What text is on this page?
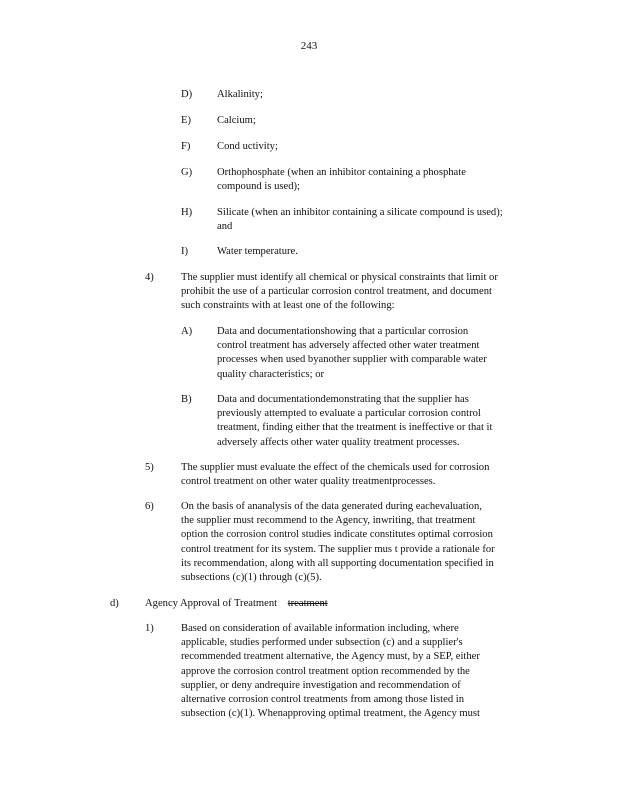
243
D) Alkalinity;
E) Calcium;
F)	Cond uctivity;
G) Orthophosphate (when an inhibitor containing a phosphate
compound is used);
H) Silicate (when an inhibitor containing a silicate compound is used);
and
I)	Water temperature.
4)	The supplier must identify all chemical or physical constraints that limit or
prohibit the use of a particular corrosion control treatment, and document
such constraints with at least one of the following:
A) Data and documentationshowing that a particular corrosion
control treatment has adversely affected other water treatment
processes when used byanother supplier with comparable water
quality characteristics; or
B) Data and documentationdemonstrating that the supplier has
previously attempted to evaluate a particular corrosion control
treatment, finding either that the treatment is ineffective or that it
adversely affects other water quality treatment processes.
5)	The supplier must evaluate the effect of the chemicals used for corrosion
control treatment on other water quality treatmentprocesses.
6)	On the basis of ananalysis of the data generated during eachevaluation,
the supplier must recommend to the Agency, inwriting, that treatment
option the corrosion control studies indicate constitutes optimal corrosion
control treatment for its system. The supplier mus t provide a rationale for
its recommendation, along with all supporting documentation specified in
subsections (c)(1) through (c)(5).
d) Agency Approval of Treatment treatment
1)	Based on consideration of available information including, where
applicable, studies performed under subsection (c) and a supplier's
recommended treatment alternative, the Agency must, by a SEP, either
approve the corrosion control treatment option recommended by the
supplier, or deny andrequire investigation and recommendation of
alternative corrosion control treatments from among those listed in
subsection (c)(1). Whenapproving optimal treatment, the Agency must
